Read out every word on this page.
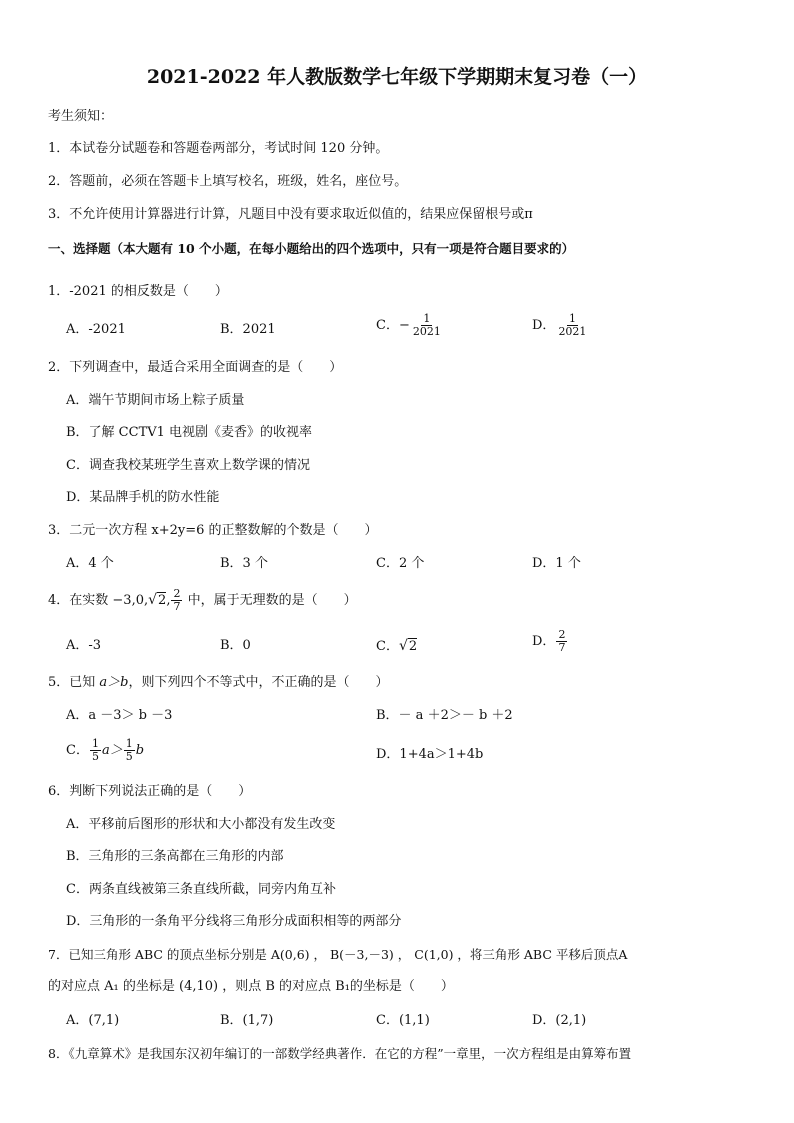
2021-2022 年人教版数学七年级下学期期末复习卷（一）
考生须知：
1．本试卷分试题卷和答题卷两部分，考试时间 120 分钟。
2．答题前，必须在答题卡上填写校名，班级，姓名，座位号。
3．不允许使用计算器进行计算，凡题目中没有要求取近似值的，结果应保留根号或π
一、选择题（本大题有 10 个小题，在每小题给出的四个选项中，只有一项是符合题目要求的）
1．-2021 的相反数是（　　）
A．-2021	B．2021	C．− $\frac{1}{2021}$	D． $\frac{1}{2021}$
2．下列调查中，最适合采用全面调查的是（　　）
A．端午节期间市场上粽子质量
B．了解 CCTV1 电视剧《麦香》的收视率
C．调查我校某班学生喜欢上数学课的情况
D．某品牌手机的防水性能
3．二元一次方程 x+2y=6 的正整数解的个数是（　　）
A．4 个	B．3 个	C．2 个	D．1 个
4．在实数 −3,0,√2, $\frac{2}{7}$ 中，属于无理数的是（　　）
A．-3	B．0	C．√2	D． $\frac{2}{7}$
5．已知 a＞b，则下列四个不等式中，不正确的是（　　）
A．a －3＞ b －3	B．－ a ＋2＞－ b ＋2
C． $\frac{1}{5} a> \frac{1}{5}$ b	D．1+4a＞1+4b
6．判断下列说法正确的是（　　）
A．平移前后图形的形状和大小都没有发生改变
B．三角形的三条高都在三角形的内部
C．两条直线被第三条直线所截，同旁内角互补
D．三角形的一条角平分线将三角形分成面积相等的两部分
7．已知三角形 ABC 的顶点坐标分别是 A(0,6) ， B(－3,－3) ， C(1,0) ，将三角形 ABC 平移后顶点A
的对应点 A₁ 的坐标是 (4,10) ，则点 B 的对应点 B₁的坐标是（　　）
A．(7,1)	B．(1,7)	C．(1,1)	D．(2,1)
8．《九章算术》是我国东汉初年编订的一部数学经典著作．在它的方程”一章里，一次方程组是由算筹布置
